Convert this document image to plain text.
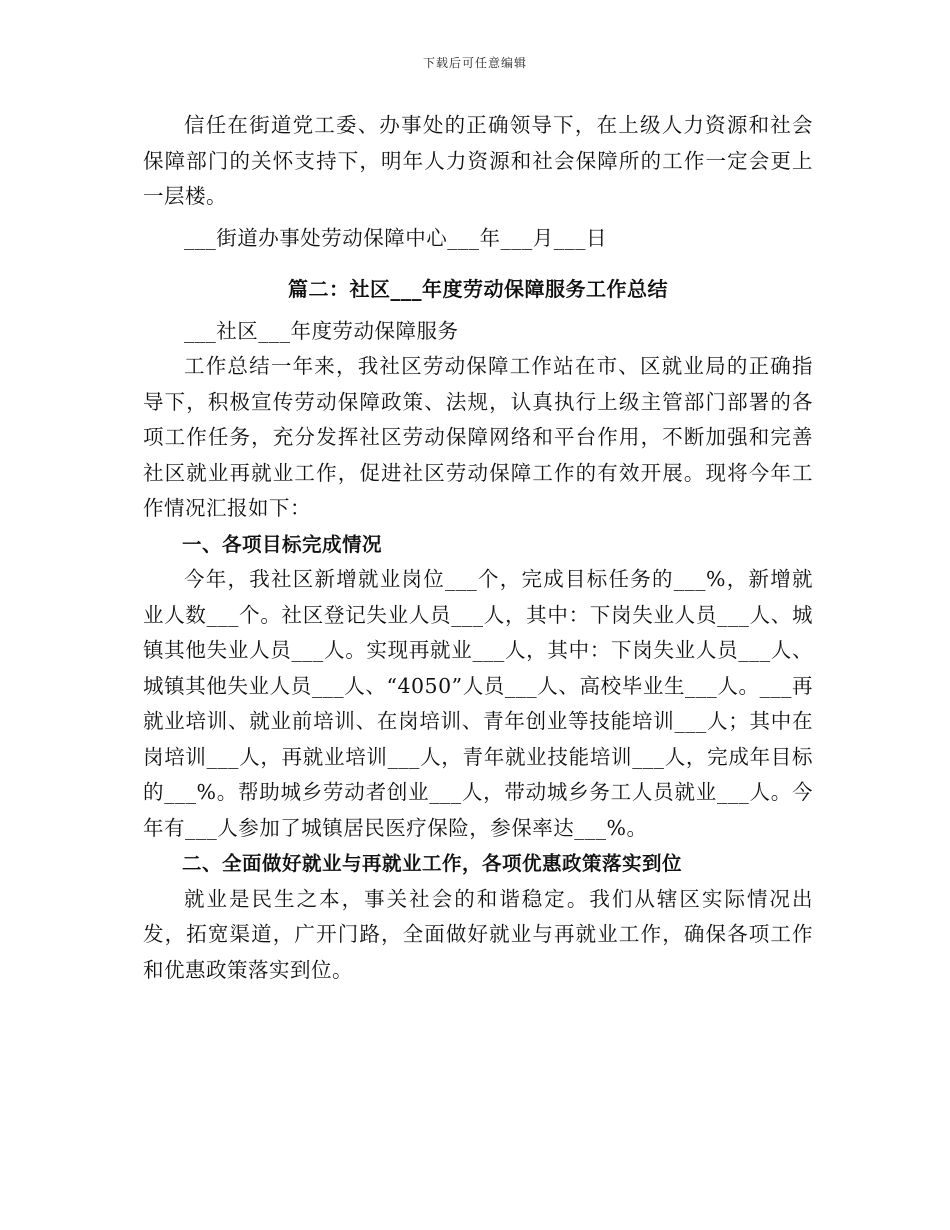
下载后可任意编辑

信任在街道党工委、办事处的正确领导下，在上级人力资源和社会保障部门的关怀支持下，明年人力资源和社会保障所的工作一定会更上一层楼。

___街道办事处劳动保障中心___年___月___日

篇二：社区___年度劳动保障服务工作总结

___社区___年度劳动保障服务

工作总结一年来，我社区劳动保障工作站在市、区就业局的正确指导下，积极宣传劳动保障政策、法规，认真执行上级主管部门部署的各项工作任务，充分发挥社区劳动保障网络和平台作用，不断加强和完善社区就业再就业工作，促进社区劳动保障工作的有效开展。现将今年工作情况汇报如下：

一、各项目标完成情况

今年，我社区新增就业岗位___个，完成目标任务的___%，新增就业人数___个。社区登记失业人员___人，其中：下岗失业人员___人、城镇其他失业人员___人。实现再就业___人，其中：下岗失业人员___人、城镇其他失业人员___人、“4050”人员___人、高校毕业生___人。___再就业培训、就业前培训、在岗培训、青年创业等技能培训___人；其中在岗培训___人，再就业培训___人，青年就业技能培训___人，完成年目标的___%。帮助城乡劳动者创业___人，带动城乡务工人员就业___人。今年有___人参加了城镇居民医疗保险，参保率达___%。

二、全面做好就业与再就业工作，各项优惠政策落实到位

就业是民生之本，事关社会的和谐稳定。我们从辖区实际情况出发，拓宽渠道，广开门路，全面做好就业与再就业工作，确保各项工作和优惠政策落实到位。
